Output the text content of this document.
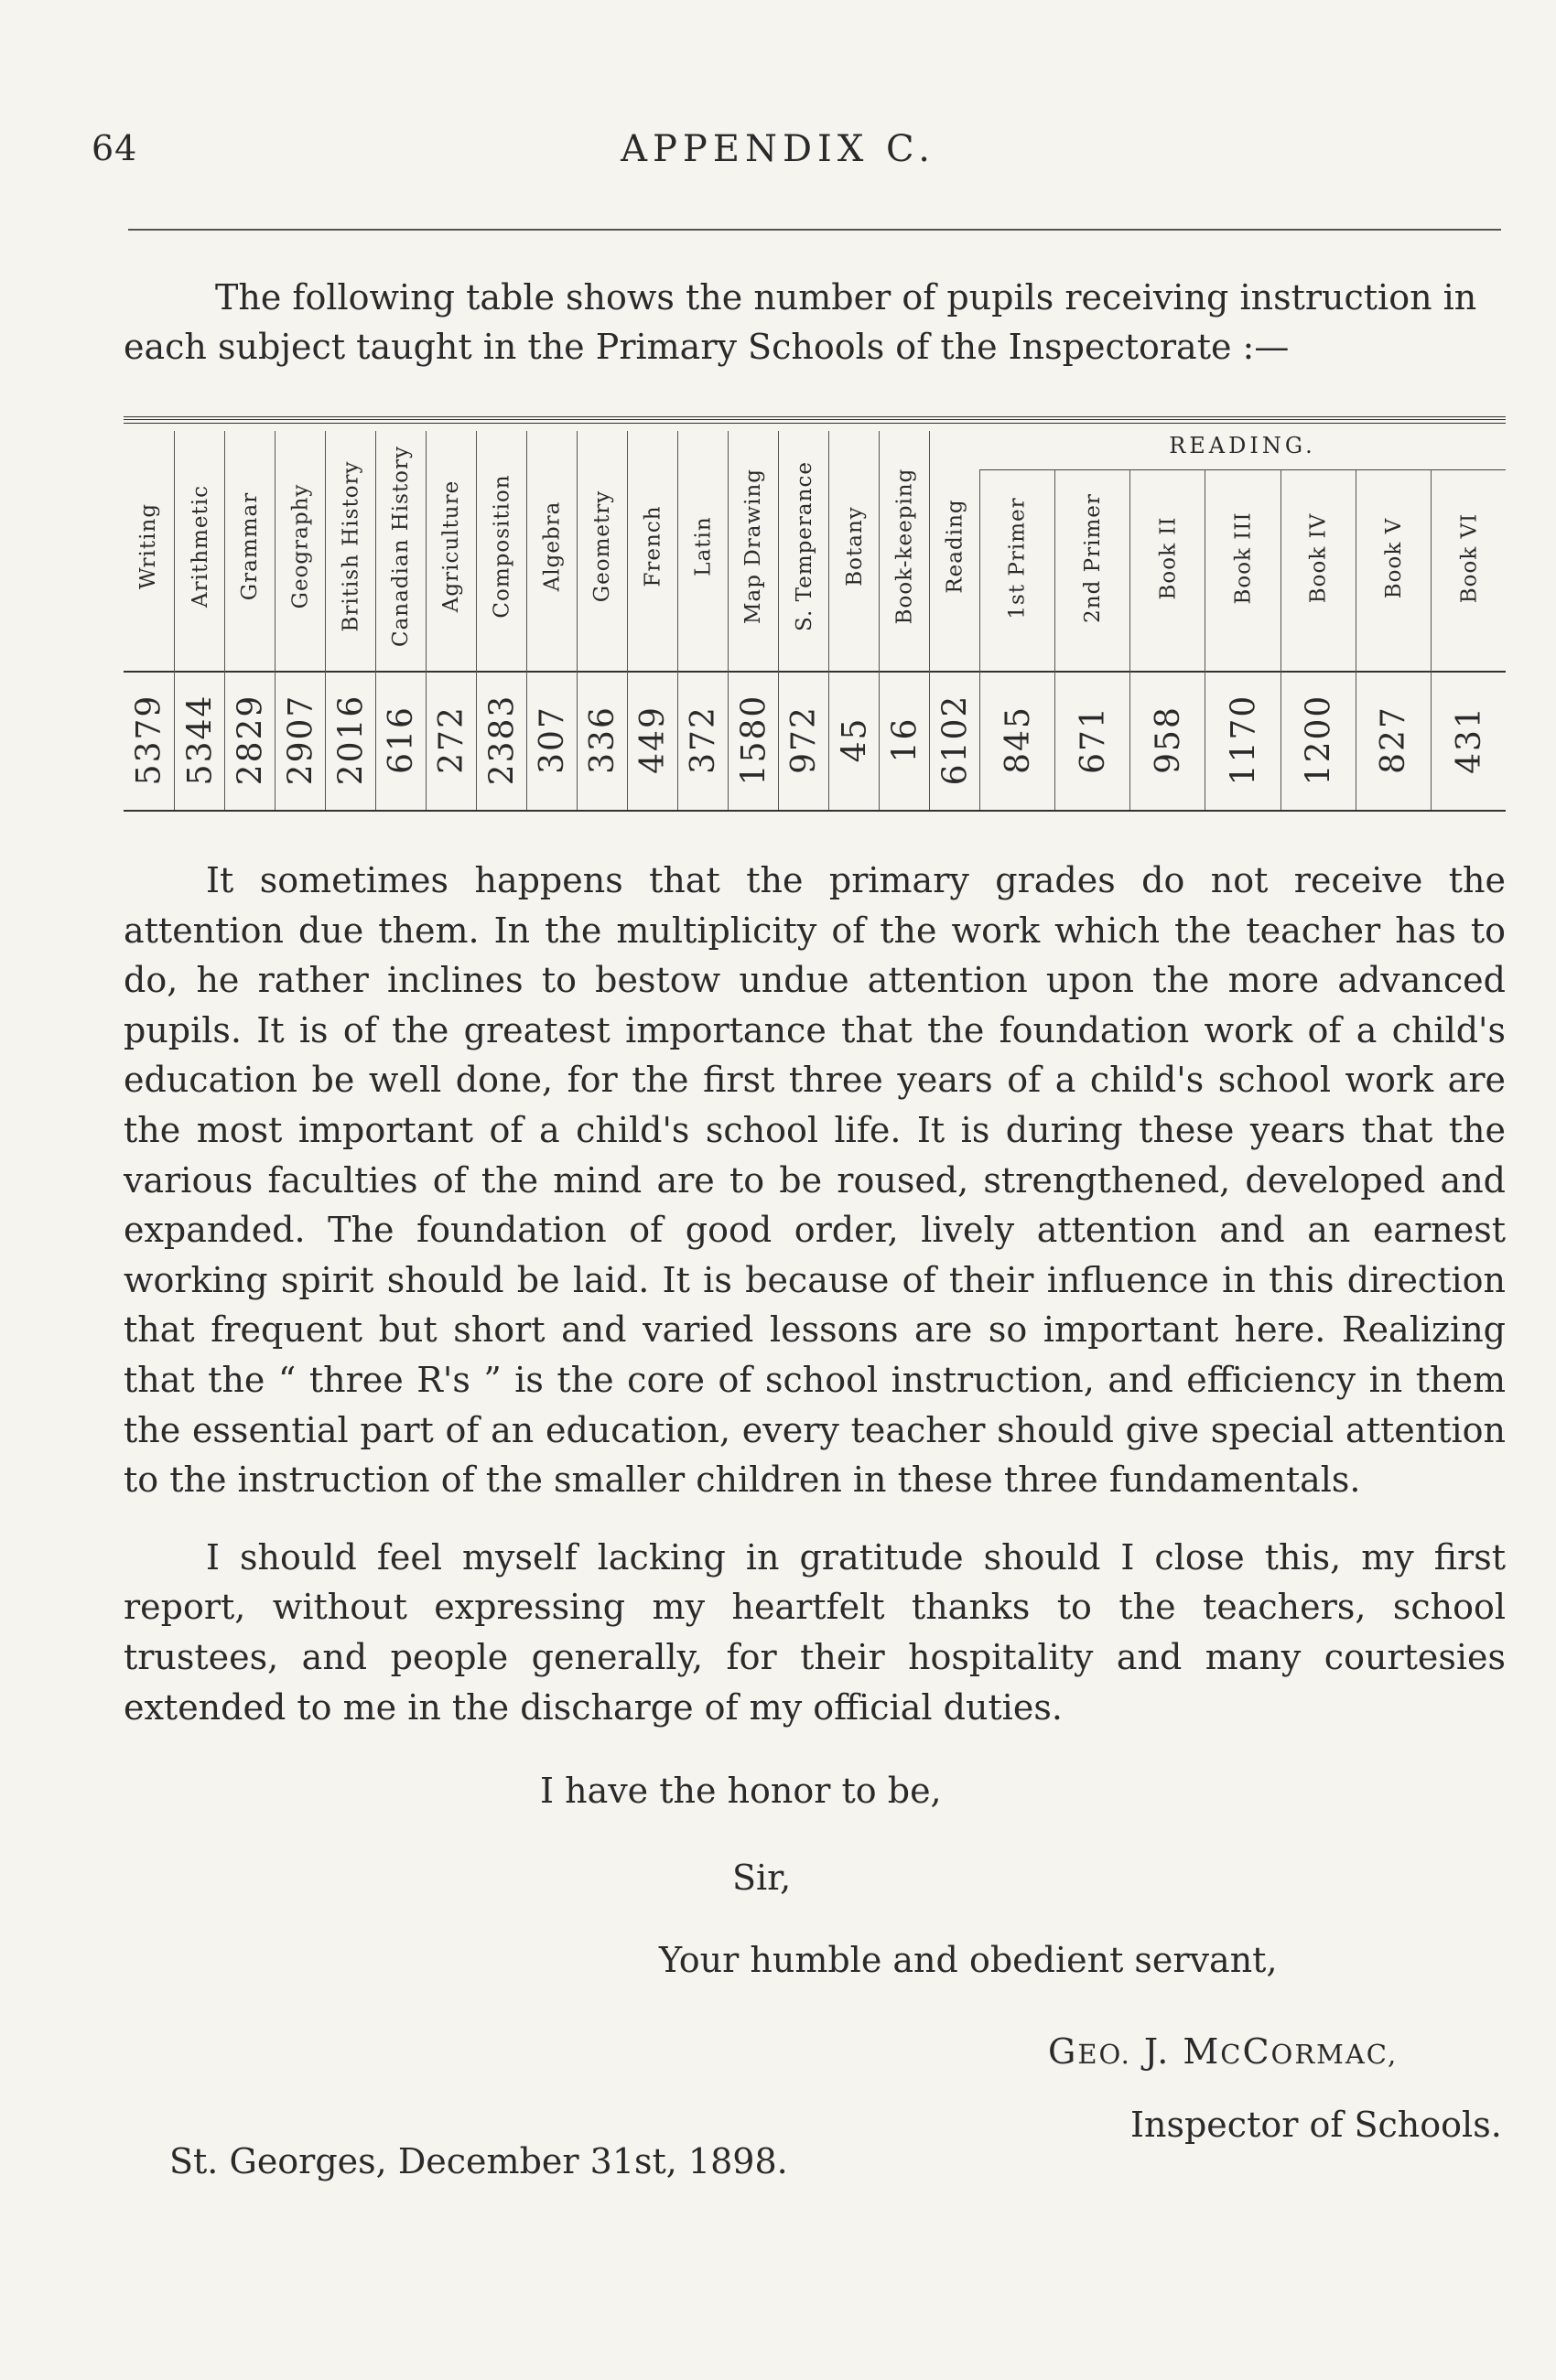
64	APPENDIX C.
The following table shows the number of pupils receiving instruction in
each subject taught in the Primary Schools of the Inspectorate :—
READING.
Writing
5379
Arithmetic
5344
Grammar
2829
Geography
2907
British History
2016
Canadian History
616
Agriculture
272
Composition
2383
Algebra
307
Geometry
336
French
449
Latin
372
Map Drawing
1580
S. Temperance
972
Botany
45
Book-keeping
16
Reading
6102
1st Primer
845
2nd Primer
671
Book II
958
Book III
1170
Book IV
1200
Book V
827
Book VI
431

It sometimes happens that the primary grades do not receive the attention due them. In the multiplicity of the work which the teacher has to do, he rather inclines to bestow undue attention upon the more advanced pupils. It is of the greatest importance that the foundation work of a child's education be well done, for the first three years of a child's school work are the most important of a child's school life. It is during these years that the various faculties of the mind are to be roused, strengthened, developed and expanded. The foundation of good order, lively attention and an earnest working spirit should be laid. It is because of their influence in this direction that frequent but short and varied lessons are so important here. Realizing that the “ three R's ” is the core of school instruction, and efficiency in them the essential part of an education, every teacher should give special attention to the instruction of the smaller children in these three fundamentals.

I should feel myself lacking in gratitude should I close this, my first report, without expressing my heartfelt thanks to the teachers, school trustees, and people generally, for their hospitality and many courtesies extended to me in the discharge of my official duties.

I have the honor to be,
Sir,
Your humble and obedient servant,
GEO. J. MCCORMAC,
Inspector of Schools.
St. Georges, December 31st, 1898.
